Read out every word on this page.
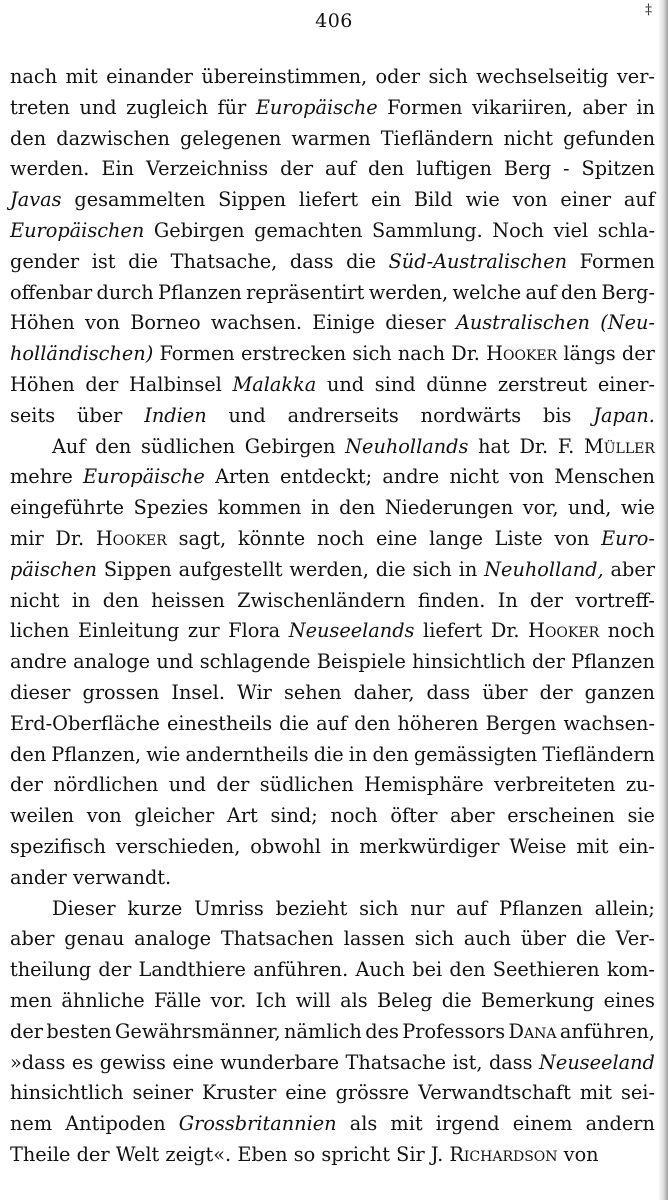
406	‡
nach mit einander übereinstimmen, oder sich wechselseitig ver-
treten und zugleich für Europäische Formen vikariiren, aber in
den dazwischen gelegenen warmen Tiefländern nicht gefunden
werden. Ein Verzeichniss der auf den luftigen Berg - Spitzen
Javas gesammelten Sippen liefert ein Bild wie von einer auf
Europäischen Gebirgen gemachten Sammlung. Noch viel schla-
gender ist die Thatsache, dass die Süd-Australischen Formen
offenbar durch Pflanzen repräsentirt werden, welche auf den Berg-
Höhen von Borneo wachsen. Einige dieser Australischen (Neu-
holländischen) Formen erstrecken sich nach Dr. Hooker längs der
Höhen der Halbinsel Malakka und sind dünne zerstreut einer-
seits über Indien und andrerseits nordwärts bis Japan.
Auf den südlichen Gebirgen Neuhollands hat Dr. F. Müller
mehre Europäische Arten entdeckt; andre nicht von Menschen
eingeführte Spezies kommen in den Niederungen vor, und, wie
mir Dr. Hooker sagt, könnte noch eine lange Liste von Euro-
päischen Sippen aufgestellt werden, die sich in Neuholland, aber
nicht in den heissen Zwischenländern finden. In der vortreff-
lichen Einleitung zur Flora Neuseelands liefert Dr. Hooker noch
andre analoge und schlagende Beispiele hinsichtlich der Pflanzen
dieser grossen Insel. Wir sehen daher, dass über der ganzen
Erd-Oberfläche einestheils die auf den höheren Bergen wachsen-
den Pflanzen, wie anderntheils die in den gemässigten Tiefländern
der nördlichen und der südlichen Hemisphäre verbreiteten zu-
weilen von gleicher Art sind; noch öfter aber erscheinen sie
spezifisch verschieden, obwohl in merkwürdiger Weise mit ein-
ander
verwandt.
Dieser kurze Umriss bezieht sich nur auf Pflanzen allein;
aber genau analoge Thatsachen lassen sich auch über die Ver-
theilung der Landthiere anführen. Auch bei den Seethieren kom-
men ähnliche Fälle vor. Ich will als Beleg die Bemerkung eines
der besten Gewährsmänner, nämlich des Professors Dana anführen,
»dass es gewiss eine wunderbare Thatsache ist, dass Neuseeland
hinsichtlich seiner Kruster eine grössre Verwandtschaft mit sei-
nem Antipoden Grossbritannien als mit irgend einem andern
Theile
der
Welt
zeigt«.
Eben
so
spricht
Sir
J.
Richardson
von
